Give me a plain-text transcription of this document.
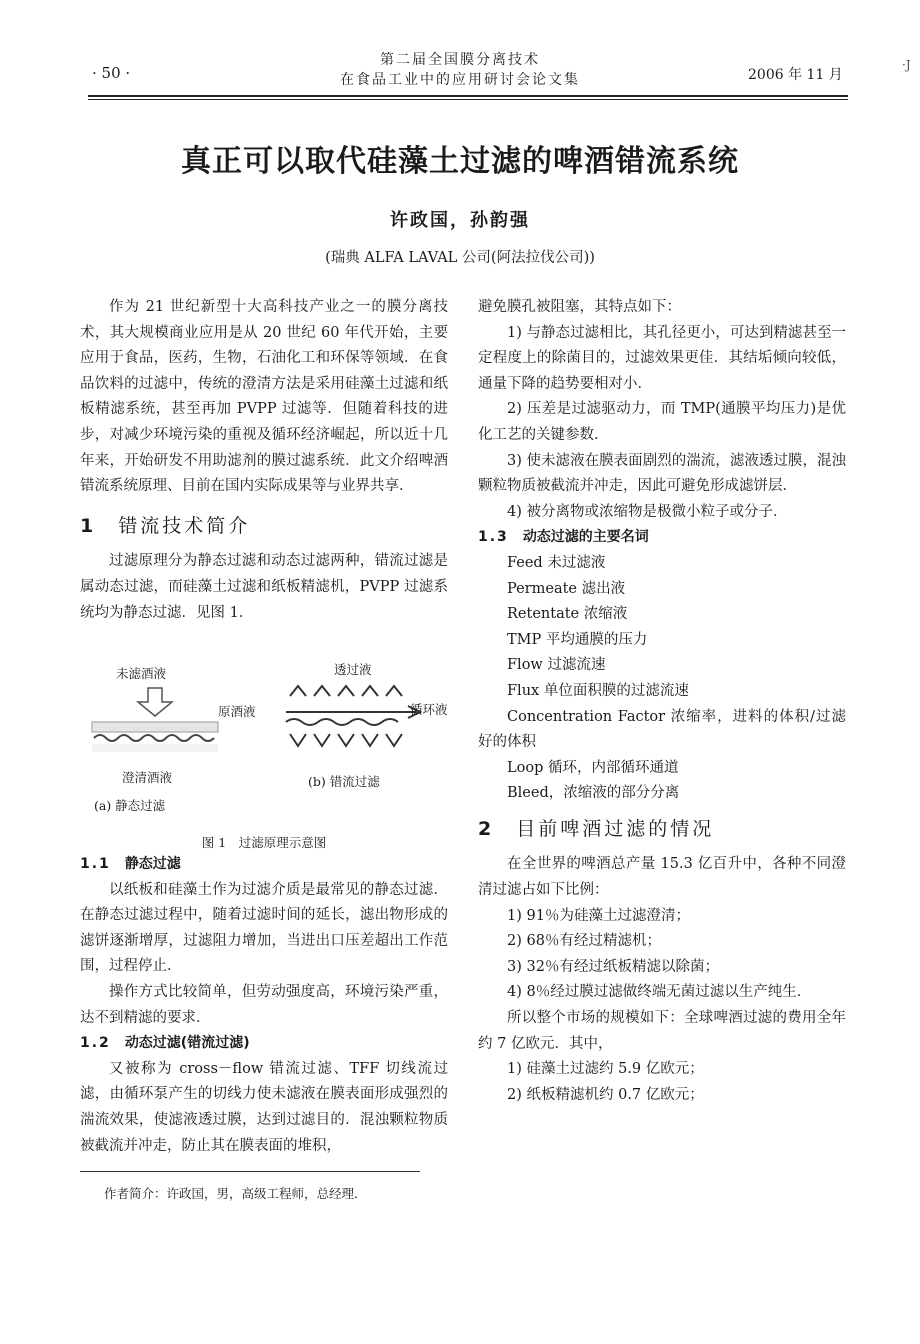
· 50 ·
第二届全国膜分离技术
在食品工业中的应用研讨会论文集	2006 年 11 月
·J
真正可以取代硅藻土过滤的啤酒错流系统
许政国，孙韵强
(瑞典 ALFA LAVAL 公司(阿法拉伐公司))

作为 21 世纪新型十大高科技产业之一的膜分离技术，其大规模商业应用是从 20 世纪 60 年代开始，主要应用于食品，医药，生物，石油化工和环保等领域．在食品饮料的过滤中，传统的澄清方法是采用硅藻土过滤和纸板精滤系统，甚至再加 PVPP 过滤等．但随着科技的进步，对减少环境污染的重视及循环经济崛起，所以近十几年来，开始研发不用助滤剂的膜过滤系统．此文介绍啤酒错流系统原理、目前在国内实际成果等与业界共享．

1 错流技术简介

过滤原理分为静态过滤和动态过滤两种，错流过滤是属动态过滤，而硅藻土过滤和纸板精滤机，PVPP 过滤系统均为静态过滤．见图 1．

未滤酒液
澄清酒液
(a) 静态过滤
透过液
原酒液	循环液
(b) 错流过滤
图 1　过滤原理示意图
1.1 静态过滤

以纸板和硅藻土作为过滤介质是最常见的静态过滤．在静态过滤过程中，随着过滤时间的延长，滤出物形成的滤饼逐渐增厚，过滤阻力增加，当进出口压差超出工作范围，过程停止．

操作方式比较简单，但劳动强度高，环境污染严重，达不到精滤的要求．

1.2 动态过滤(错流过滤)

又被称为 cross－flow 错流过滤、TFF 切线流过滤，由循环泵产生的切线力使未滤液在膜表面形成强烈的湍流效果，使滤液透过膜，达到过滤目的．混浊颗粒物质被截流并冲走，防止其在膜表面的堆积，

避免膜孔被阻塞，其特点如下：

1) 与静态过滤相比，其孔径更小，可达到精滤甚至一定程度上的除菌目的，过滤效果更佳．其结垢倾向较低，通量下降的趋势要相对小．

2) 压差是过滤驱动力，而 TMP(通膜平均压力)是优化工艺的关键参数．

3) 使未滤液在膜表面剧烈的湍流，滤液透过膜，混浊颗粒物质被截流并冲走，因此可避免形成滤饼层．

4) 被分离物或浓缩物是极微小粒子或分子．

1.3 动态过滤的主要名词

Feed 未过滤液

Permeate 滤出液

Retentate 浓缩液

TMP 平均通膜的压力

Flow 过滤流速

Flux 单位面积膜的过滤流速

Concentration Factor 浓缩率，进料的体积/过滤好的体积

Loop 循环，内部循环通道

Bleed，浓缩液的部分分离

2 目前啤酒过滤的情况

在全世界的啤酒总产量 15.3 亿百升中，各种不同澄清过滤占如下比例：

1) 91％为硅藻土过滤澄清；

2) 68％有经过精滤机；

3) 32％有经过纸板精滤以除菌；

4) 8％经过膜过滤做终端无菌过滤以生产纯生．

所以整个市场的规模如下：全球啤酒过滤的费用全年约 7 亿欧元．其中，

1) 硅藻土过滤约 5.9 亿欧元；

2) 纸板精滤机约 0.7 亿欧元；

作者简介：许政国，男，高级工程师，总经理．
